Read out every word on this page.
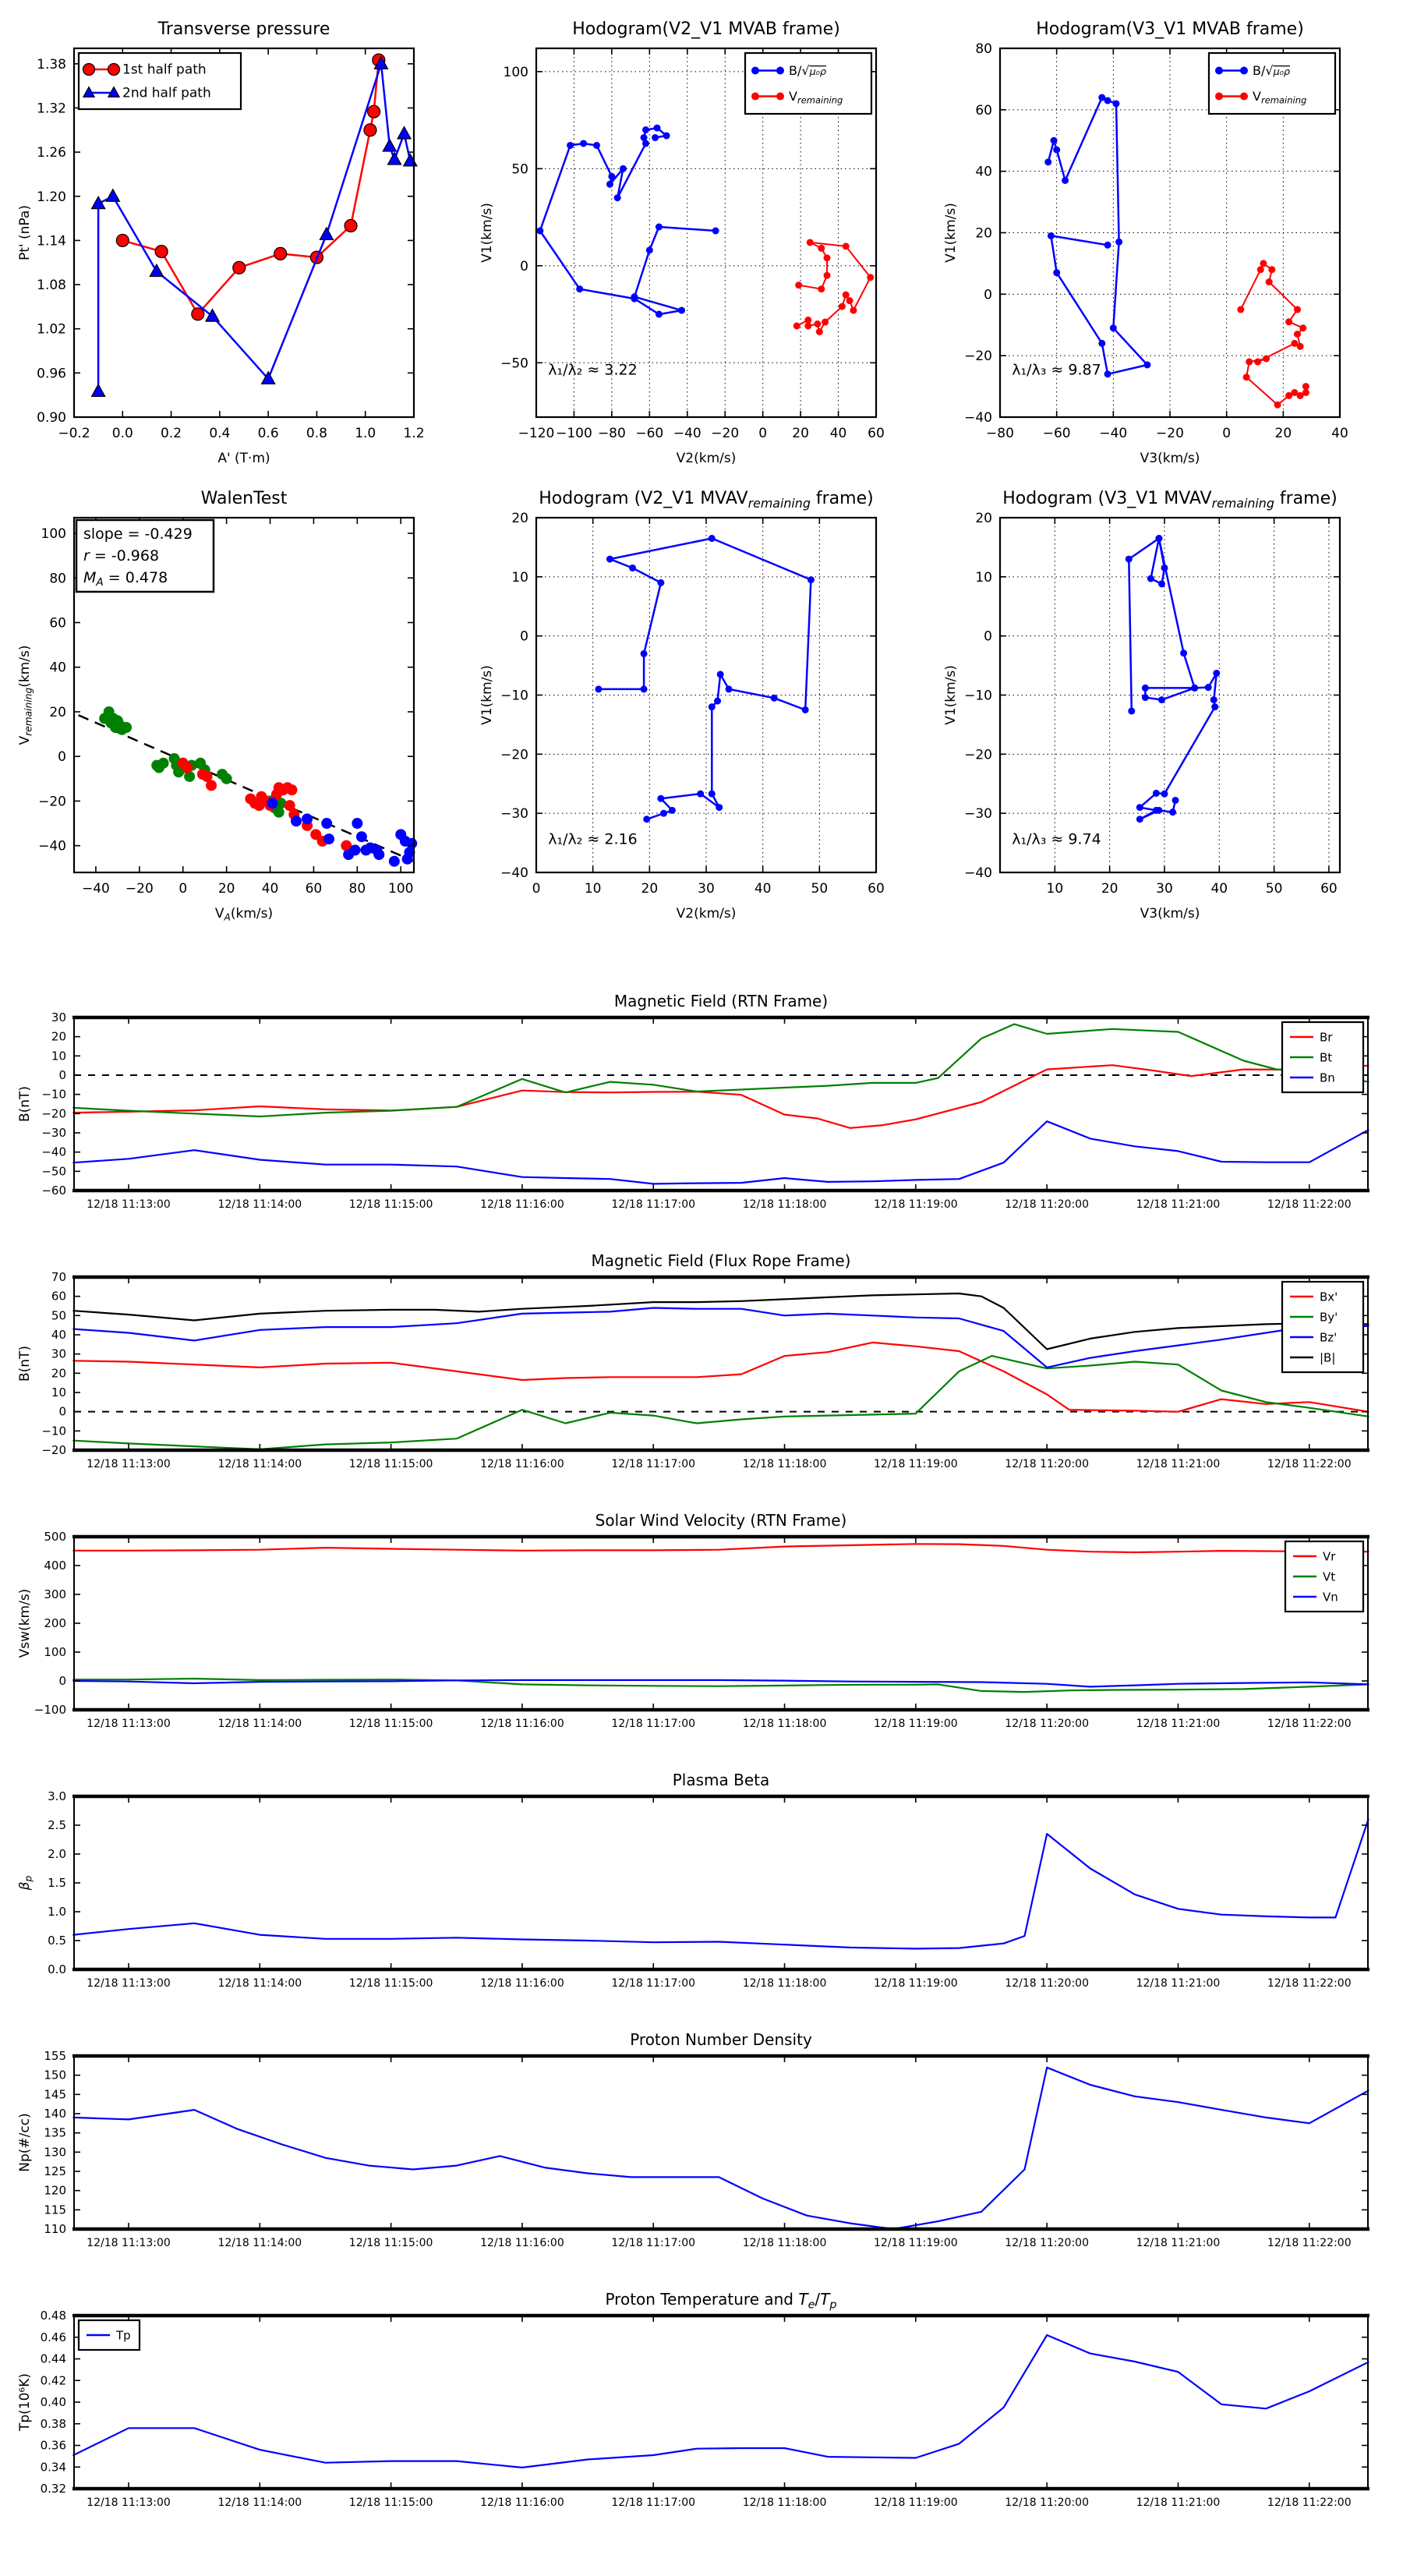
−0.2 0.0 0.2 0.4 0.6 0.8 1.0 1.2
0.90
0.96
1.02
1.08
1.14
1.20
1.26
1.32
1.38
Transverse pressure
A' (T·m)
Pt' (nPa)
1st half path
2nd half path
−120 −100 −80 −60 −40 −20 0 20 40 60
−50
0
50
100
Hodogram(V2_V1 MVAB frame)
V2(km/s)
V1(km/s)
B/√μ₀ρ
$V_{remaining}$
λ₁/λ₂ ≈ 3.22
−80 −60 −40 −20	0	20	40
−40
−20
0
20
40
60
80
Hodogram(V3_V1 MVAB frame)
V3(km/s)
V1(km/s)
B/√μ₀ρ
$V_{remaining}$
λ₁/λ₃ ≈ 9.87
−40 −20 0 20 40 60 80 100
−40
−20
0
20
40
60
80
100
WalenTest
$V_A(km/s)$
$V_{remaining}(km/s)$
slope = -0.429
r = -0.968
$M_A = 0.478$
0	10	20	30	40	50	60
−40
−30
−20
−10
0
10
20
Hodogram (V2_V1 $MVAV_{remaining}$ frame)
V2(km/s)
V1(km/s)
λ₁/λ₂ ≈ 2.16
10	20	30	40	50	60
−40
−30
−20
−10
0
10
20
Hodogram (V3_V1 $MVAV_{remaining}$ frame)
V3(km/s)
V1(km/s)
λ₁/λ₃ ≈ 9.74
12/18 11:13:00	12/18 11:14:00	12/18 11:15:00	12/18 11:16:00	12/18 11:17:00	12/18 11:18:00	12/18 11:19:00	12/18 11:20:00	12/18 11:21:00	12/18 11:22:00
30
20
10
0
−10
−20
−30
−40
−50
−60
Magnetic Field (RTN Frame)
B(nT)
Br
Bt
Bn
12/18 11:13:00	12/18 11:14:00	12/18 11:15:00	12/18 11:16:00	12/18 11:17:00	12/18 11:18:00	12/18 11:19:00	12/18 11:20:00	12/18 11:21:00	12/18 11:22:00
70
60
50
40
30
20
10
0
−10
−20
Magnetic Field (Flux Rope Frame)
B(nT)
Bx'
By'
Bz'
|B|
12/18 11:13:00	12/18 11:14:00	12/18 11:15:00	12/18 11:16:00	12/18 11:17:00	12/18 11:18:00	12/18 11:19:00	12/18 11:20:00	12/18 11:21:00	12/18 11:22:00
500
400
300
200
100
0
−100
Solar Wind Velocity (RTN Frame)
Vsw(km/s)
Vr
Vt
Vn
12/18 11:13:00	12/18 11:14:00	12/18 11:15:00	12/18 11:16:00	12/18 11:17:00	12/18 11:18:00	12/18 11:19:00	12/18 11:20:00	12/18 11:21:00	12/18 11:22:00
3.0
2.5
2.0
1.5
1.0
0.5
0.0
Plasma Beta
$\beta_p$
12/18 11:13:00	12/18 11:14:00	12/18 11:15:00	12/18 11:16:00	12/18 11:17:00	12/18 11:18:00	12/18 11:19:00	12/18 11:20:00	12/18 11:21:00	12/18 11:22:00
155
150
145
140
135
130
125
120
115
110
Proton Number Density
Np(#/cc)
12/18 11:13:00	12/18 11:14:00	12/18 11:15:00	12/18 11:16:00	12/18 11:17:00	12/18 11:18:00	12/18 11:19:00	12/18 11:20:00	12/18 11:21:00	12/18 11:22:00
0.48
0.46
0.44
0.42
0.40
0.38
0.36
0.34
0.32
Proton Temperature and $T_e/T_p$
Tp(10⁶K)
Tp
